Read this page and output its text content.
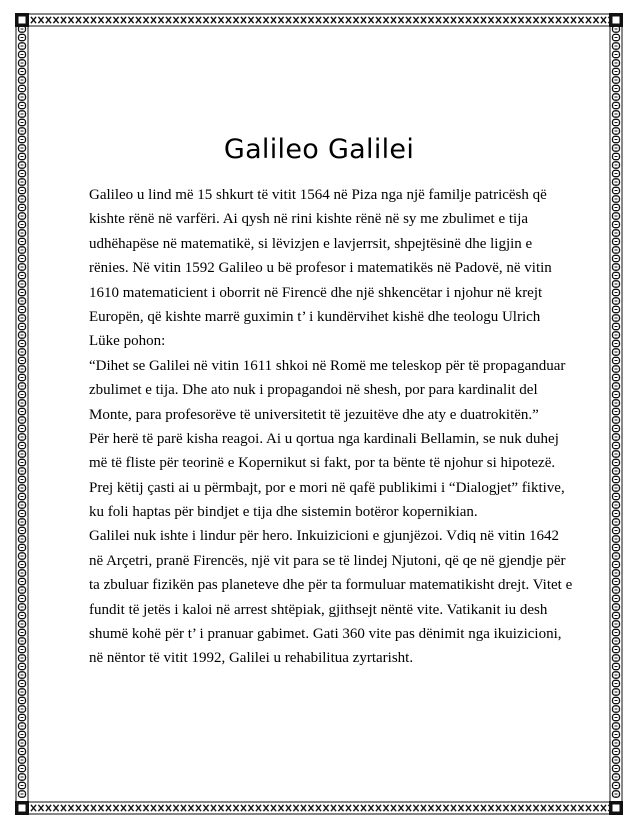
Galileo Galilei
Galileo u lind më 15 shkurt të vitit 1564 në Piza nga një familje patricësh që
kishte rënë në varfëri. Ai qysh në rini kishte rënë në sy me zbulimet e tija
udhëhapëse në matematikë, si lëvizjen e lavjerrsit, shpejtësinë dhe ligjin e
rënies. Në vitin 1592 Galileo u bë profesor i matematikës në Padovë, në vitin
1610 matematicient i oborrit në Firencë dhe një shkencëtar i njohur në krejt
Europën, që kishte marrë guximin t’ i kundërvihet kishë dhe teologu Ulrich
Lüke pohon:
“Dihet se Galilei në vitin 1611 shkoi në Romë me teleskop për të propaganduar
zbulimet e tija. Dhe ato nuk i propagandoi në shesh, por para kardinalit del
Monte, para profesorëve të universitetit të jezuitëve dhe aty e duatrokitën.”
Për herë të parë kisha reagoi. Ai u qortua nga kardinali Bellamin, se nuk duhej
më të fliste për teorinë e Kopernikut si fakt, por ta bënte të njohur si hipotezë.
Prej këtij çasti ai u përmbajt, por e mori në qafë publikimi i “Dialogjet” fiktive,
ku foli haptas për bindjet e tija dhe sistemin botëror kopernikian.
Galilei nuk ishte i lindur për hero. Inkuizicioni e gjunjëzoi. Vdiq në vitin 1642
në Arçetri, pranë Firencës, një vit para se të lindej Njutoni, që qe në gjendje për
ta zbuluar fizikën pas planeteve dhe për ta formuluar matematikisht drejt. Vitet e
fundit të jetës i kaloi në arrest shtëpiak, gjithsejt nëntë vite. Vatikanit iu desh
shumë kohë për t’ i pranuar gabimet. Gati 360 vite pas dënimit nga ikuizicioni,
në nëntor të vitit 1992, Galilei u rehabilitua zyrtarisht.
